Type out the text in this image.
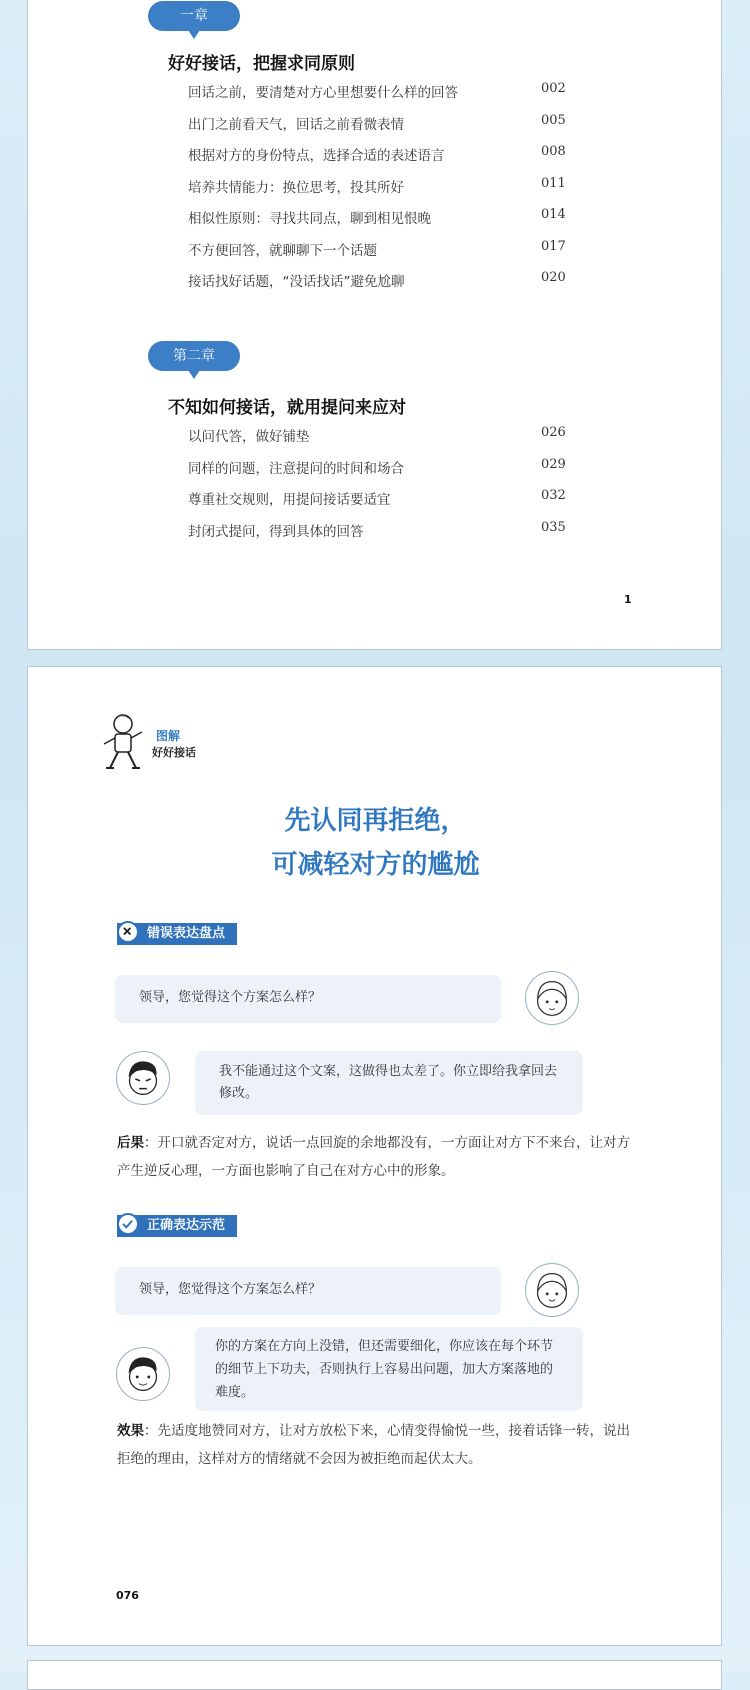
一章
好好接话，把握求同原则
回话之前，要清楚对方心里想要什么样的回答	002
出门之前看天气，回话之前看微表情	005
根据对方的身份特点，选择合适的表述语言	008
培养共情能力：换位思考，投其所好	011
相似性原则：寻找共同点，聊到相见恨晚	014
不方便回答，就聊聊下一个话题	017
接话找好话题，“没话找话”避免尬聊	020
第二章
不知如何接话，就用提问来应对
以问代答，做好铺垫	026
同样的问题，注意提问的时间和场合	029
尊重社交规则，用提问接话要适宜	032
封闭式提问，得到具体的回答	035
1
图解
好好接话
先认同再拒绝，
可减轻对方的尴尬
错误表达盘点
领导，您觉得这个方案怎么样？
我不能通过这个文案，这做得也太差了。你立即给我拿回去修改。
后果：开口就否定对方，说话一点回旋的余地都没有，一方面让对方下不来台，让对方产生逆反心理，一方面也影响了自己在对方心中的形象。
正确表达示范
领导，您觉得这个方案怎么样？
你的方案在方向上没错，但还需要细化，你应该在每个环节的细节上下功夫，否则执行上容易出问题，加大方案落地的难度。
效果：先适度地赞同对方，让对方放松下来，心情变得愉悦一些，接着话锋一转，说出拒绝的理由，这样对方的情绪就不会因为被拒绝而起伏太大。
076
